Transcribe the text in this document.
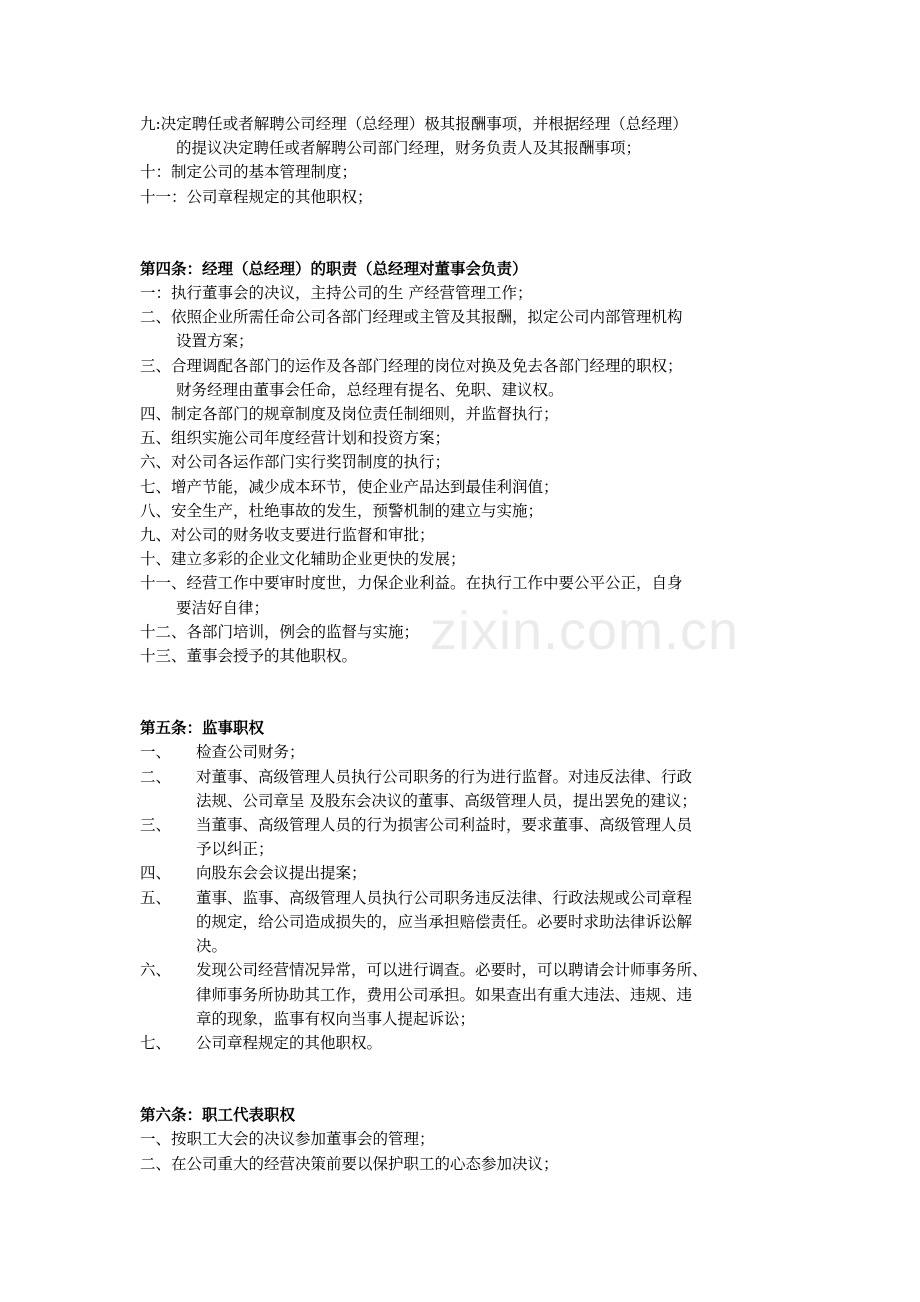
九 : 决定聘任或者解聘公司经理（总经理）极其报酬事项，并根据经理（总经理）
的提议决定聘任或者解聘公司部门经理，财务负责人及其报酬事项；
十 ： 制定公司的基本管理制度；
十一 ： 公司章程规定的其他职权；
第四条：经理（总经理）的职责（总经理对董事会负责）
一： 执行董事会的决议，主持公司的生 产经营管理工作；
二、 依照企业所需任命公司各部门经理或主管及其报酬，拟定公司内部管理机构
设置方案；
三、 合理调配各部门的运作及各部门经理的岗位对换及免去各部门经理的职权；
财务经理由董事会任命，总经理有提名、免职、建议权。
四、 制定各部门的规章制度及岗位责任制细则，并监督执行；
五、 组织实施公司年度经营计划和投资方案；
六、 对公司各运作部门实行奖罚制度的执行；
七、 增产节能，减少成本环节，使企业产品达到最佳利润值；
八、 安全生产，杜绝事故的发生，预警机制的建立与实施；
九、 对公司的财务收支要进行监督和审批；
十、 建立多彩的企业文化辅助企业更快的发展；
十一、 经营工作中要审时度世，力保企业利益。在执行工作中要公平公正，自身
要洁好自律；
十二、 各部门培训，例会的监督与实施；
十三、 董事会授予的其他职权。
第五条：监事职权
一、	检查公司财务；
二、	对董事、高级管理人员执行公司职务的行为进行监督。对违反法律、行政
法规、公司章呈 及股东会决议的董事、高级管理人员，提出罢免的建议；
三、	当董事、高级管理人员的行为损害公司利益时，要求董事、高级管理人员
予以纠正；
四、	向股东会会议提出提案；
五、	董事、监事、高级管理人员执行公司职务违反法律、行政法规或公司章程
的规定，给公司造成损失的，应当承担赔偿责任。必要时求助法律诉讼解
决。
六、	发现公司经营情况异常，可以进行调查。必要时，可以聘请会计师事务所、
律师事务所协助其工作，费用公司承担。如果查出有重大违法、违规、违
章的现象，监事有权向当事人提起诉讼；
七、	公司章程规定的其他职权。
第六条：职工代表职权
一、 按职工大会的决议参加董事会的管理；
二、 在公司重大的经营决策前要以保护职工的心态参加决议；
zixin.com.cn
